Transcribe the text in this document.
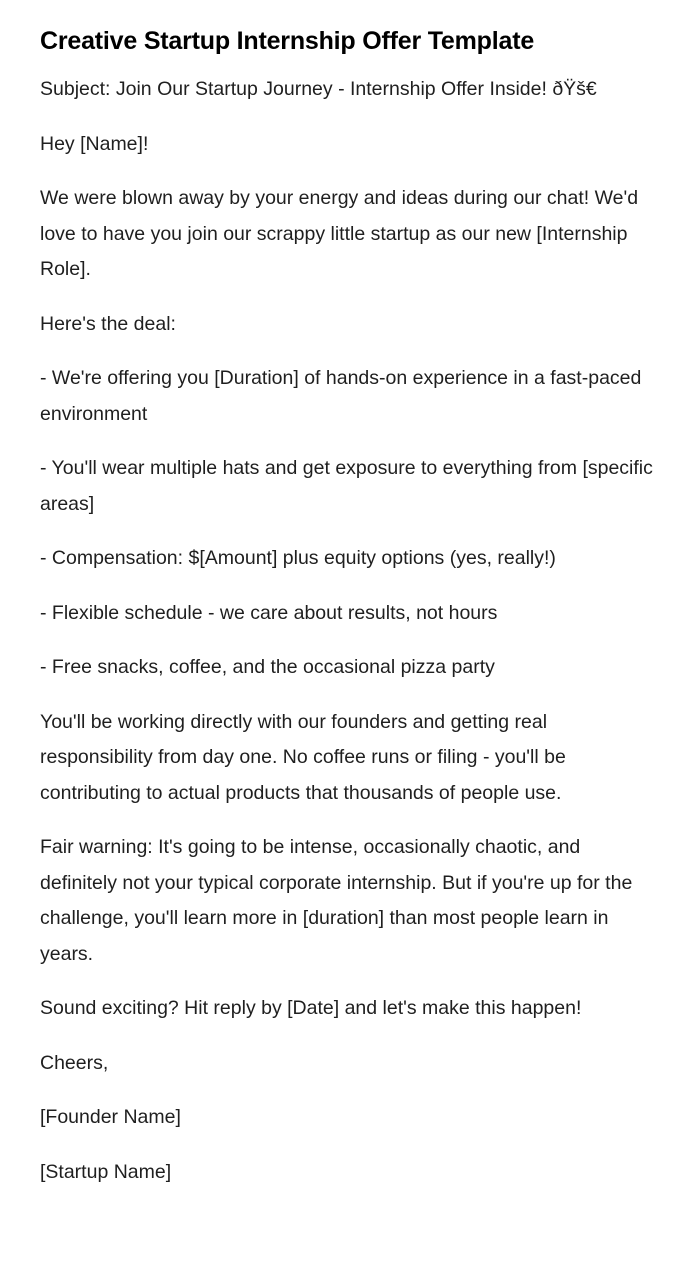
Creative Startup Internship Offer Template

Subject: Join Our Startup Journey - Internship Offer Inside! ðŸš€

Hey [Name]!

We were blown away by your energy and ideas during our chat! We'd love to have you join our scrappy little startup as our new [Internship Role].

Here's the deal:

- We're offering you [Duration] of hands-on experience in a fast-paced environment

- You'll wear multiple hats and get exposure to everything from [specific areas]

- Compensation: $[Amount] plus equity options (yes, really!)

- Flexible schedule - we care about results, not hours

- Free snacks, coffee, and the occasional pizza party

You'll be working directly with our founders and getting real responsibility from day one. No coffee runs or filing - you'll be contributing to actual products that thousands of people use.

Fair warning: It's going to be intense, occasionally chaotic, and definitely not your typical corporate internship. But if you're up for the challenge, you'll learn more in [duration] than most people learn in years.

Sound exciting? Hit reply by [Date] and let's make this happen!

Cheers,

[Founder Name]

[Startup Name]
